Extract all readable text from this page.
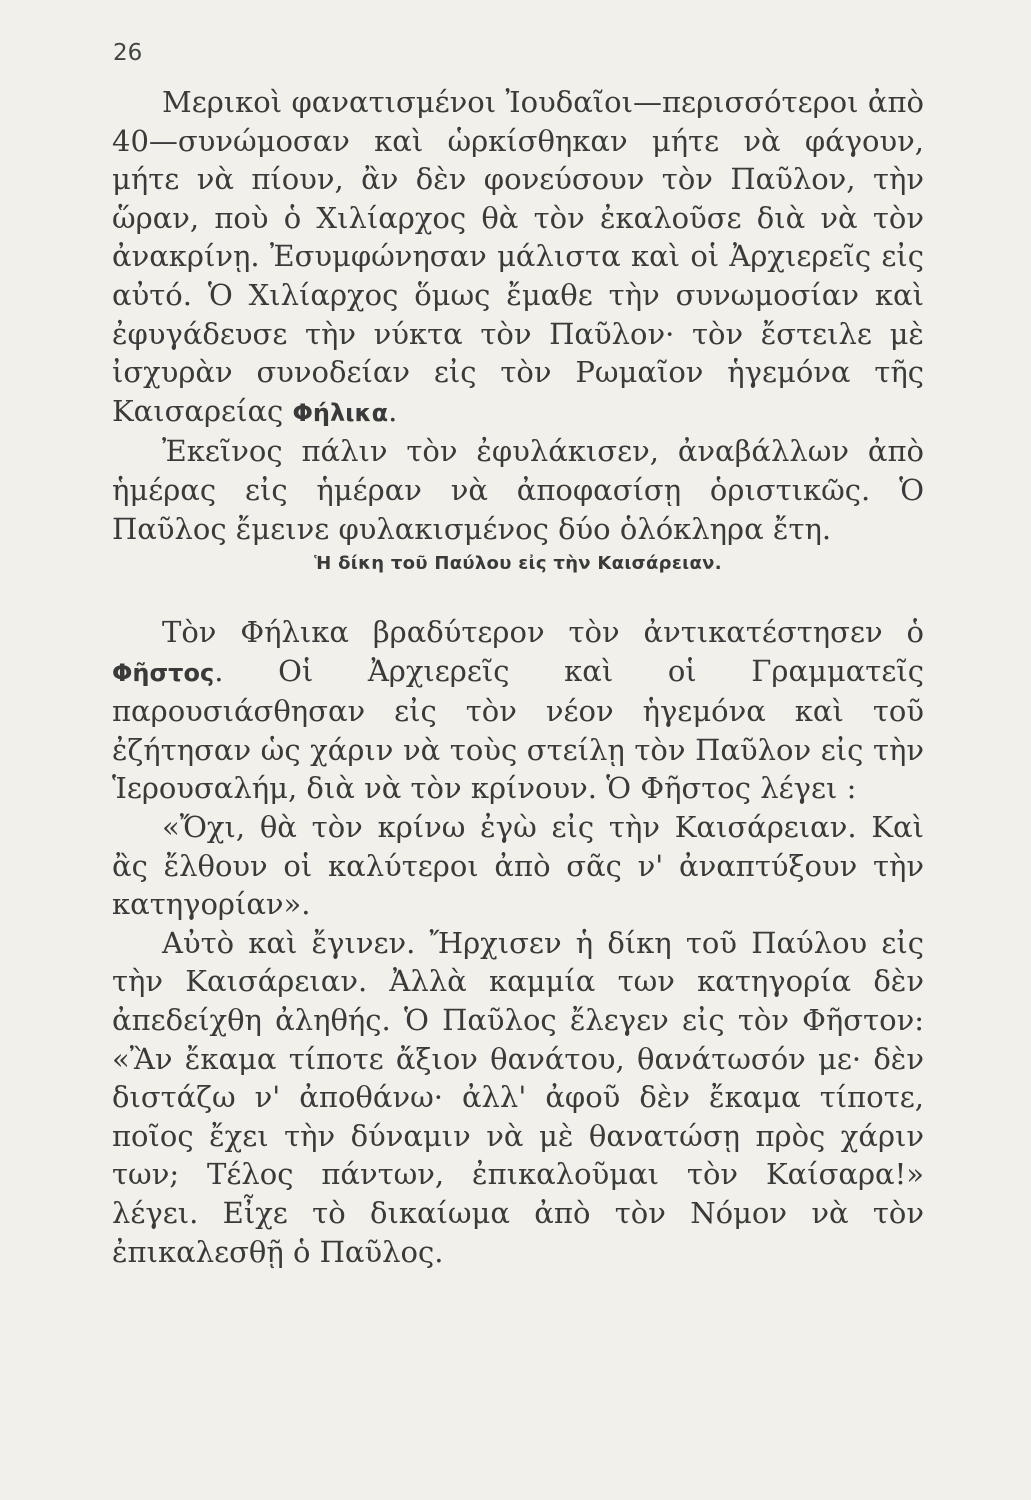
26

Μερικοὶ φανατισμένοι Ἰουδαῖοι—περισσότεροι ἀπὸ 40—συνώμοσαν καὶ ὡρκίσθηκαν μήτε νὰ φάγουν, μήτε νὰ πίουν, ἂν δὲν φονεύσουν τὸν Παῦλον, τὴν ὥραν, ποὺ ὁ Χιλίαρχος θὰ τὸν ἐκαλοῦσε διὰ νὰ τὸν ἀνακρίνῃ. Ἐσυμφώνησαν μάλιστα καὶ οἱ Ἀρχιερεῖς εἰς αὐτό. Ὁ Χιλίαρχος ὅμως ἔμαθε τὴν συνωμοσίαν καὶ ἐφυγάδευσε τὴν νύκτα τὸν Παῦλον· τὸν ἔστειλε μὲ ἰσχυρὰν συνοδείαν εἰς τὸν Ρωμαῖον ἡγεμόνα τῆς Καισαρείας Φήλικα.

Ἐκεῖνος πάλιν τὸν ἐφυλάκισεν, ἀναβάλλων ἀπὸ ἡμέρας εἰς ἡμέραν νὰ ἀποφασίσῃ ὁριστικῶς. Ὁ Παῦλος ἔμεινε φυλακισμένος δύο ὁλόκληρα ἔτη.

Ἡ δίκη τοῦ Παύλου εἰς τὴν Καισάρειαν.

Τὸν Φήλικα βραδύτερον τὸν ἀντικατέστησεν ὁ Φῆστος. Οἱ Ἀρχιερεῖς καὶ οἱ Γραμματεῖς παρουσιάσθησαν εἰς τὸν νέον ἡγεμόνα καὶ τοῦ ἐζήτησαν ὡς χάριν νὰ τοὺς στείλῃ τὸν Παῦλον εἰς τὴν Ἱερουσαλήμ, διὰ νὰ τὸν κρίνουν. Ὁ Φῆστος λέγει :

«Ὄχι, θὰ τὸν κρίνω ἐγὼ εἰς τὴν Καισάρειαν. Καὶ ἂς ἔλθουν οἱ καλύτεροι ἀπὸ σᾶς ν' ἀναπτύξουν τὴν κατηγορίαν».

Αὐτὸ καὶ ἔγινεν. Ἤρχισεν ἡ δίκη τοῦ Παύλου εἰς τὴν Καισάρειαν. Ἀλλὰ καμμία των κατηγορία δὲν ἀπεδείχθη ἀληθής. Ὁ Παῦλος ἔλεγεν εἰς τὸν Φῆστον: «Ἂν ἔκαμα τίποτε ἄξιον θανάτου, θανάτωσόν με· δὲν διστάζω ν' ἀποθάνω· ἀλλ' ἀφοῦ δὲν ἔκαμα τίποτε, ποῖος ἔχει τὴν δύναμιν νὰ μὲ θανατώσῃ πρὸς χάριν των; Τέλος πάντων, ἐπικαλοῦμαι τὸν Καίσαρα!» λέγει. Εἶχε τὸ δικαίωμα ἀπὸ τὸν Νόμον νὰ τὸν ἐπικαλεσθῇ ὁ Παῦλος.
